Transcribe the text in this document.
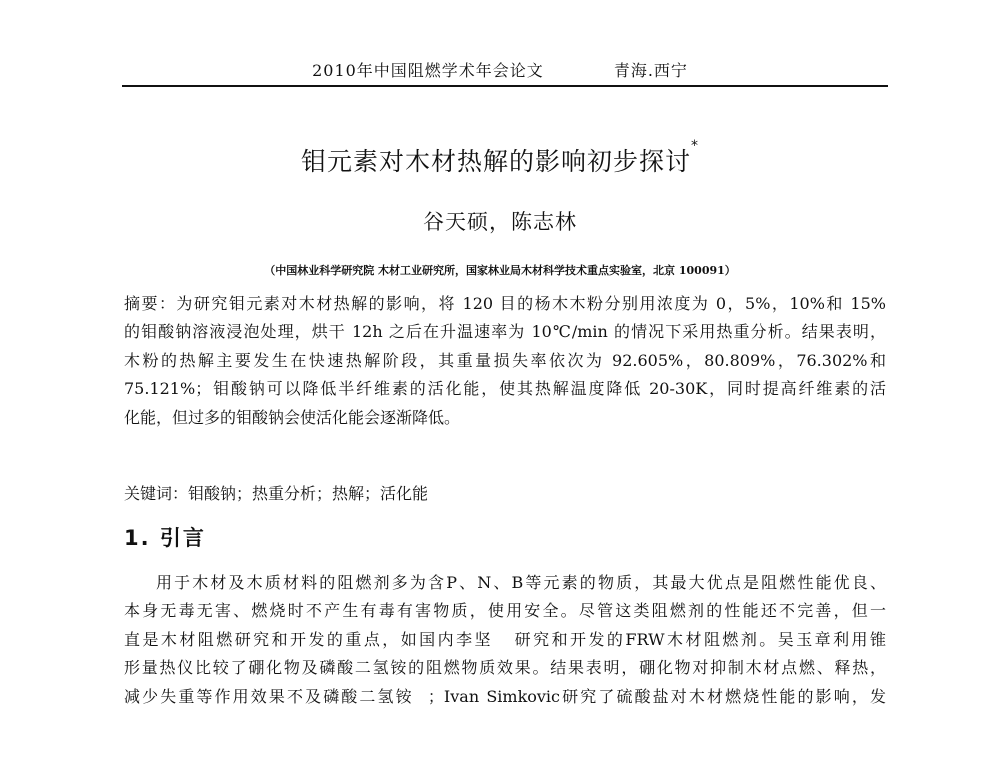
2010年中国阻燃学术年会论文	青海.西宁
钼元素对木材热解的影响初步探讨*
谷天硕，陈志林
（中国林业科学研究院 木材工业研究所，国家林业局木材科学技术重点实验室，北京 100091）
摘要：为研究钼元素对木材热解的影响，将 120 目的杨木木粉分别用浓度为 0，5%，10%和 15%
的钼酸钠溶液浸泡处理，烘干 12h 之后在升温速率为 10℃/min 的情况下采用热重分析。结果表明，
木粉的热解主要发生在快速热解阶段，其重量损失率依次为 92.605%，80.809%，76.302%和
75.121%；钼酸钠可以降低半纤维素的活化能，使其热解温度降低 20-30K，同时提高纤维素的活
化能，但过多的钼酸钠会使活化能会逐渐降低。
关键词：钼酸钠；热重分析；热解；活化能
1. 引言
用于木材及木质材料的阻燃剂多为含P、N、B等元素的物质，其最大优点是阻燃性能优良、
本身无毒无害、燃烧时不产生有毒有害物质，使用安全。尽管这类阻燃剂的性能还不完善，但一
直是木材阻燃研究和开发的重点，如国内李坚 研究和开发的FRW木材阻燃剂。吴玉章利用锥
形量热仪比较了硼化物及磷酸二氢铵的阻燃物质效果。结果表明，硼化物对抑制木材点燃、释热，
减少失重等作用效果不及磷酸二氢铵 ；Ivan Simkovic研究了硫酸盐对木材燃烧性能的影响，发
